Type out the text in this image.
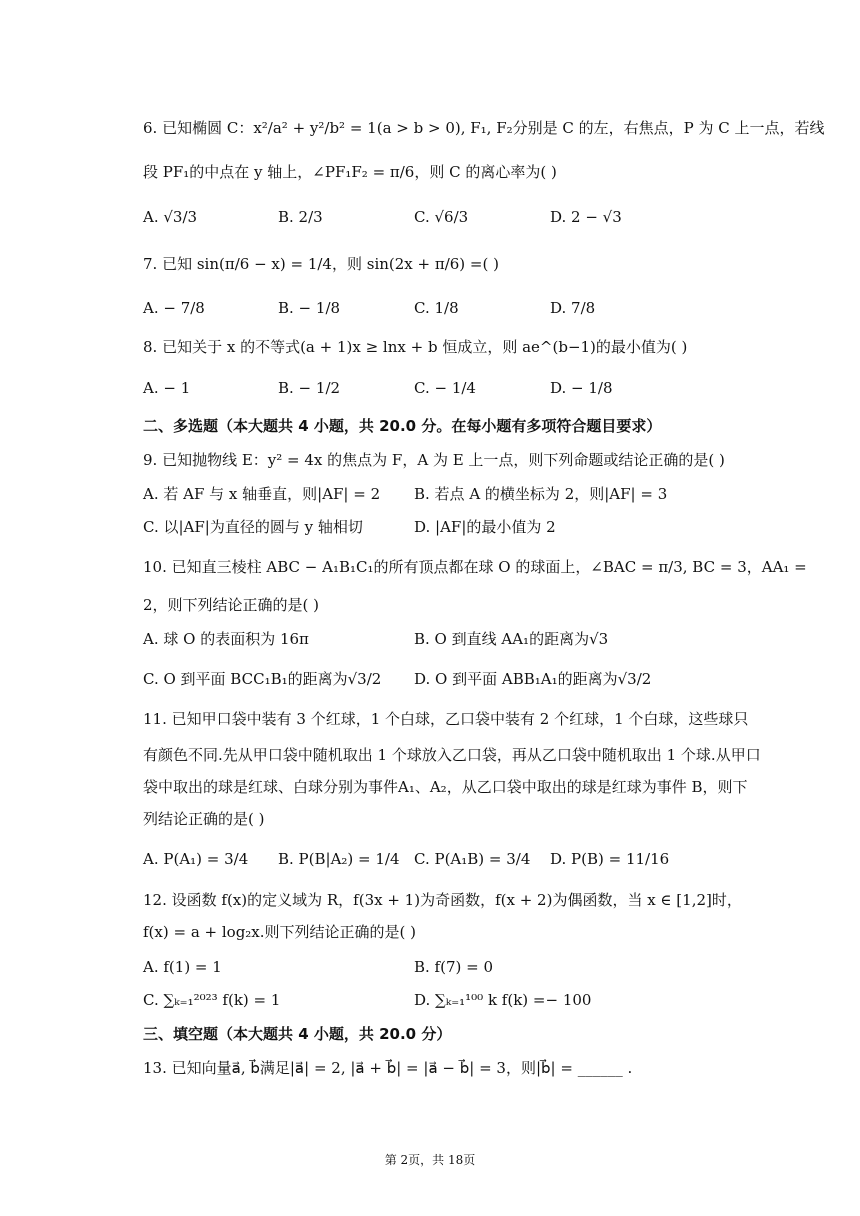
6. 已知椭圆 C：x²/a² + y²/b² = 1(a > b > 0), F₁, F₂分别是 C 的左，右焦点，P 为 C 上一点，若线
段 PF₁的中点在 y 轴上，∠PF₁F₂ = π/6，则 C 的离心率为( )
A. √3/3	B. 2/3	C. √6/3	D. 2 − √3
7. 已知 sin(π/6 − x) = 1/4，则 sin(2x + π/6) =( )
A. − 7/8	B. − 1/8	C. 1/8	D. 7/8
8. 已知关于 x 的不等式(a + 1)x ≥ lnx + b 恒成立，则 ae^(b−1)的最小值为( )
A. − 1	B. − 1/2	C. − 1/4	D. − 1/8
二、多选题（本大题共 4 小题，共 20.0 分。在每小题有多项符合题目要求）
9. 已知抛物线 E：y² = 4x 的焦点为 F，A 为 E 上一点，则下列命题或结论正确的是( )
A. 若 AF 与 x 轴垂直，则|AF| = 2 B. 若点 A 的横坐标为 2，则|AF| = 3
C. 以|AF|为直径的圆与 y 轴相切	D. |AF|的最小值为 2
10. 已知直三棱柱 ABC − A₁B₁C₁的所有顶点都在球 O 的球面上，∠BAC = π/3, BC = 3，AA₁ =
2，则下列结论正确的是( )
A. 球 O 的表面积为 16π	B. O 到直线 AA₁的距离为√3
C. O 到平面 BCC₁B₁的距离为√3/2 D. O 到平面 ABB₁A₁的距离为√3/2
11. 已知甲口袋中装有 3 个红球，1 个白球，乙口袋中装有 2 个红球，1 个白球，这些球只
有颜色不同.先从甲口袋中随机取出 1 个球放入乙口袋，再从乙口袋中随机取出 1 个球.从甲口
袋中取出的球是红球、白球分别为事件A₁、A₂，从乙口袋中取出的球是红球为事件 B，则下
列结论正确的是( )
A. P(A₁) = 3/4 B. P(B|A₂) = 1/4 C. P(A₁B) = 3/4 D. P(B) = 11/16
12. 设函数 f(x)的定义域为 R，f(3x + 1)为奇函数，f(x + 2)为偶函数，当 x ∈ [1,2]时，
f(x) = a + log₂x.则下列结论正确的是( )
A. f(1) = 1	B. f(7) = 0
C. ∑ₖ₌₁²⁰²³ f(k) = 1	D. ∑ₖ₌₁¹⁰⁰ k f(k) =− 100
三、填空题（本大题共 4 小题，共 20.0 分）
13. 已知向量a⃗, b⃗满足|a⃗| = 2, |a⃗ + b⃗| = |a⃗ − b⃗| = 3，则|b⃗| = ______ .
第 2页，共 18页
